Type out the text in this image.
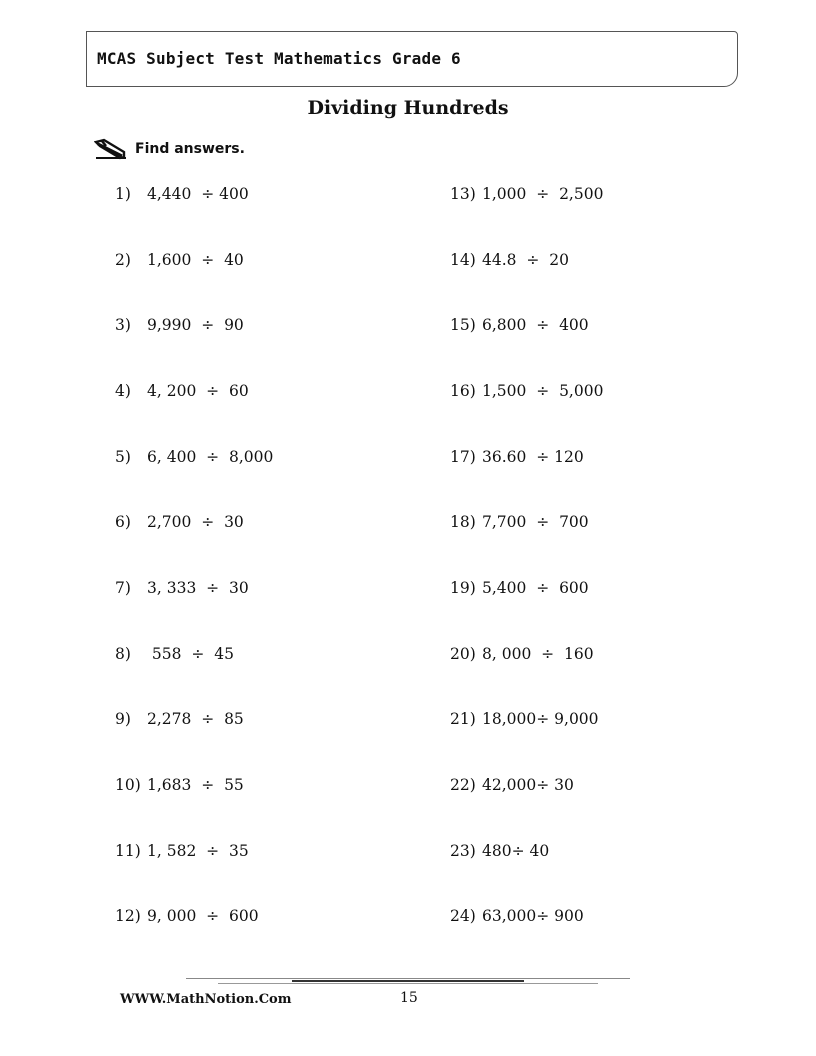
MCAS Subject Test Mathematics Grade 6
Dividing Hundreds
Find answers.
1) 4,440  ÷ 400
2) 1,600  ÷  40
3) 9,990  ÷  90
4) 4, 200  ÷  60
5) 6, 400  ÷  8,000
6) 2,700  ÷  30
7) 3, 333  ÷  30
8) 558  ÷  45
9) 2,278  ÷  85
10) 1,683  ÷  55
11) 1, 582  ÷  35
12) 9, 000  ÷  600
13) 1,000  ÷  2,500
14) 44.8  ÷  20
15) 6,800  ÷  400
16) 1,500  ÷  5,000
17) 36.60  ÷ 120
18) 7,700  ÷  700
19) 5,400  ÷  600
20) 8, 000  ÷  160
21) 18,000÷ 9,000
22) 42,000÷ 30
23) 480÷ 40
24) 63,000÷ 900
WWW.MathNotion.Com	15
